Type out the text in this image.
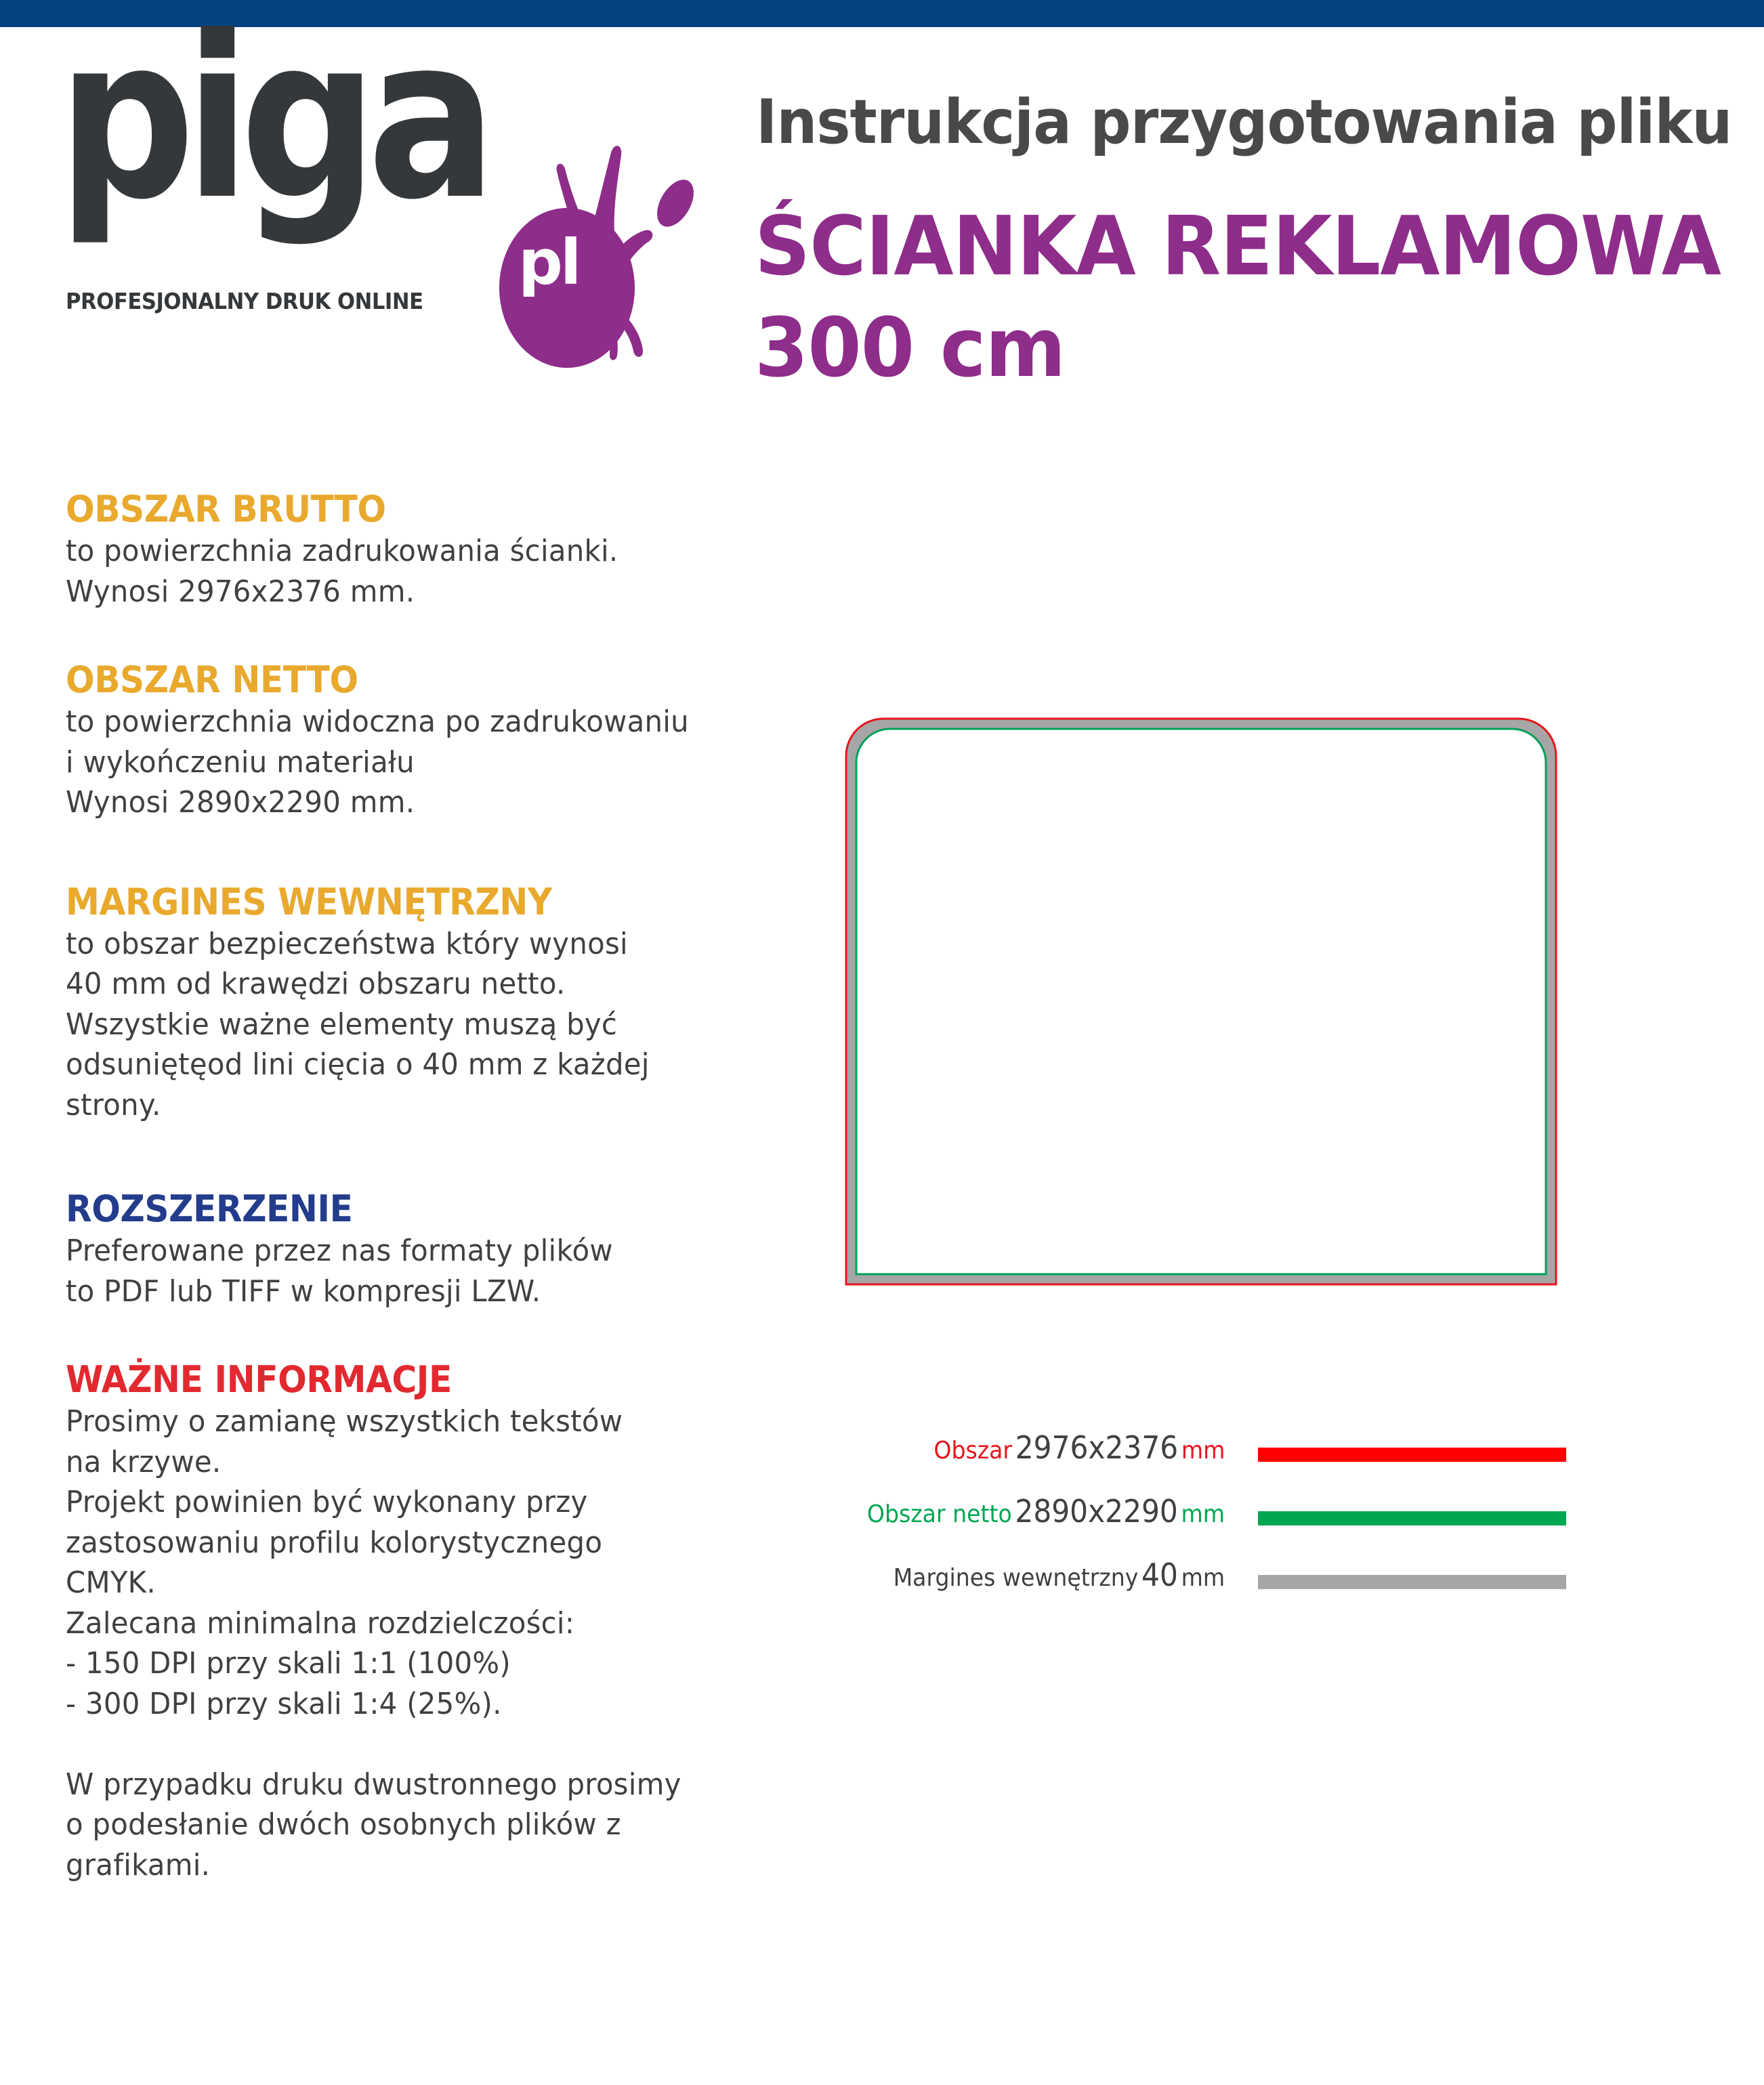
piga
pl
PROFESJONALNY DRUK ONLINE
Instrukcja przygotowania pliku
ŚCIANKA REKLAMOWA
300 cm
OBSZAR BRUTTO
to powierzchnia zadrukowania ścianki.
Wynosi 2976x2376 mm.
OBSZAR NETTO
to powierzchnia widoczna po zadrukowaniu
i wykończeniu materiału
Wynosi 2890x2290 mm.
MARGINES WEWNĘTRZNY
to obszar bezpieczeństwa który wynosi
40 mm od krawędzi obszaru netto.
Wszystkie ważne elementy muszą być
odsuniętęod lini cięcia o 40 mm z każdej
strony.
ROZSZERZENIE
Preferowane przez nas formaty plików
to PDF lub TIFF w kompresji LZW.
WAŻNE INFORMACJE
Prosimy o zamianę wszystkich tekstów
na krzywe.
Projekt powinien być wykonany przy
zastosowaniu profilu kolorystycznego
CMYK.
Zalecana minimalna rozdzielczości:
- 150 DPI przy skali 1:1 (100%)
- 300 DPI przy skali 1:4 (25%).
W przypadku druku dwustronnego prosimy
o podesłanie dwóch osobnych plików z
grafikami.
Obszar 2976x2376 mm
Obszar netto 2890x2290 mm
Margines wewnętrzny 40 mm
